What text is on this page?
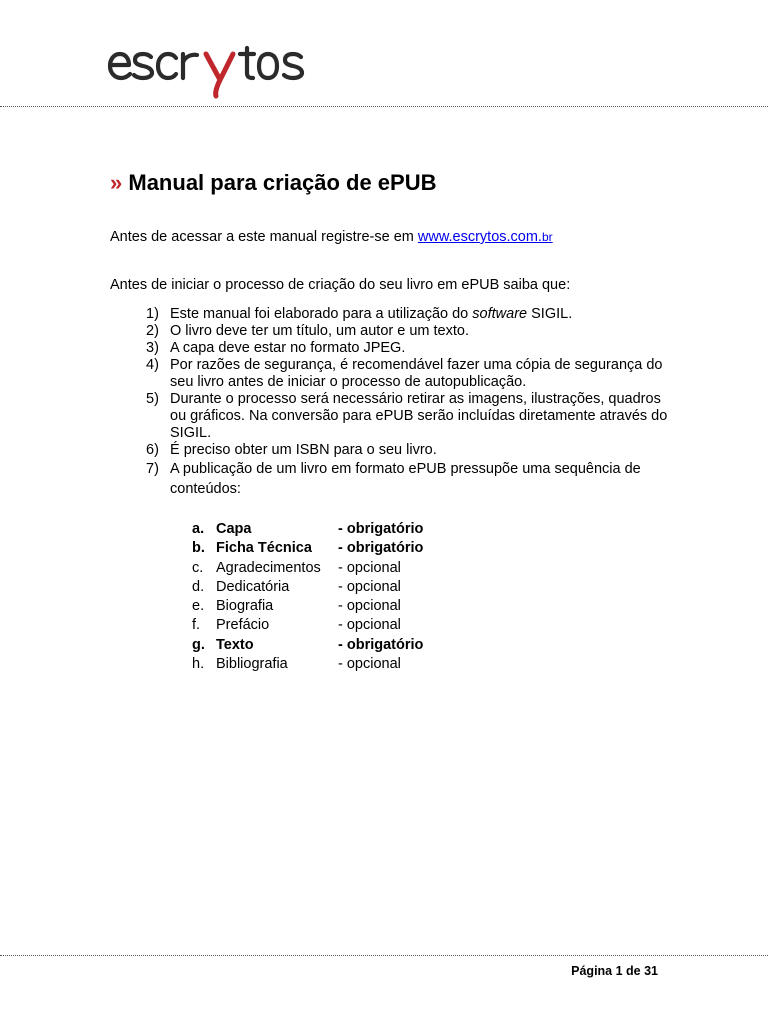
» Manual para criação de ePUB
Antes de acessar a este manual registre-se em www.escrytos.com.br
Antes de iniciar o processo de criação do seu livro em ePUB saiba que:
1) Este manual foi elaborado para a utilização do software SIGIL.
2) O livro deve ter um título, um autor e um texto.
3) A capa deve estar no formato JPEG.
4) Por razões de segurança, é recomendável fazer uma cópia de segurança do seu livro antes de iniciar o processo de autopublicação.
5) Durante o processo será necessário retirar as imagens, ilustrações, quadros ou gráficos. Na conversão para ePUB serão incluídas diretamente através do SIGIL.
6) É preciso obter um ISBN para o seu livro.
7) A publicação de um livro em formato ePUB pressupõe uma sequência de conteúdos:
a. Capa	- obrigatório
b. Ficha Técnica	- obrigatório
c. Agradecimentos	- opcional
d. Dedicatória	- opcional
e. Biografia	- opcional
f.	Prefácio	- opcional
g. Texto	- obrigatório
h. Bibliografia	- opcional
Página 1 de 31
